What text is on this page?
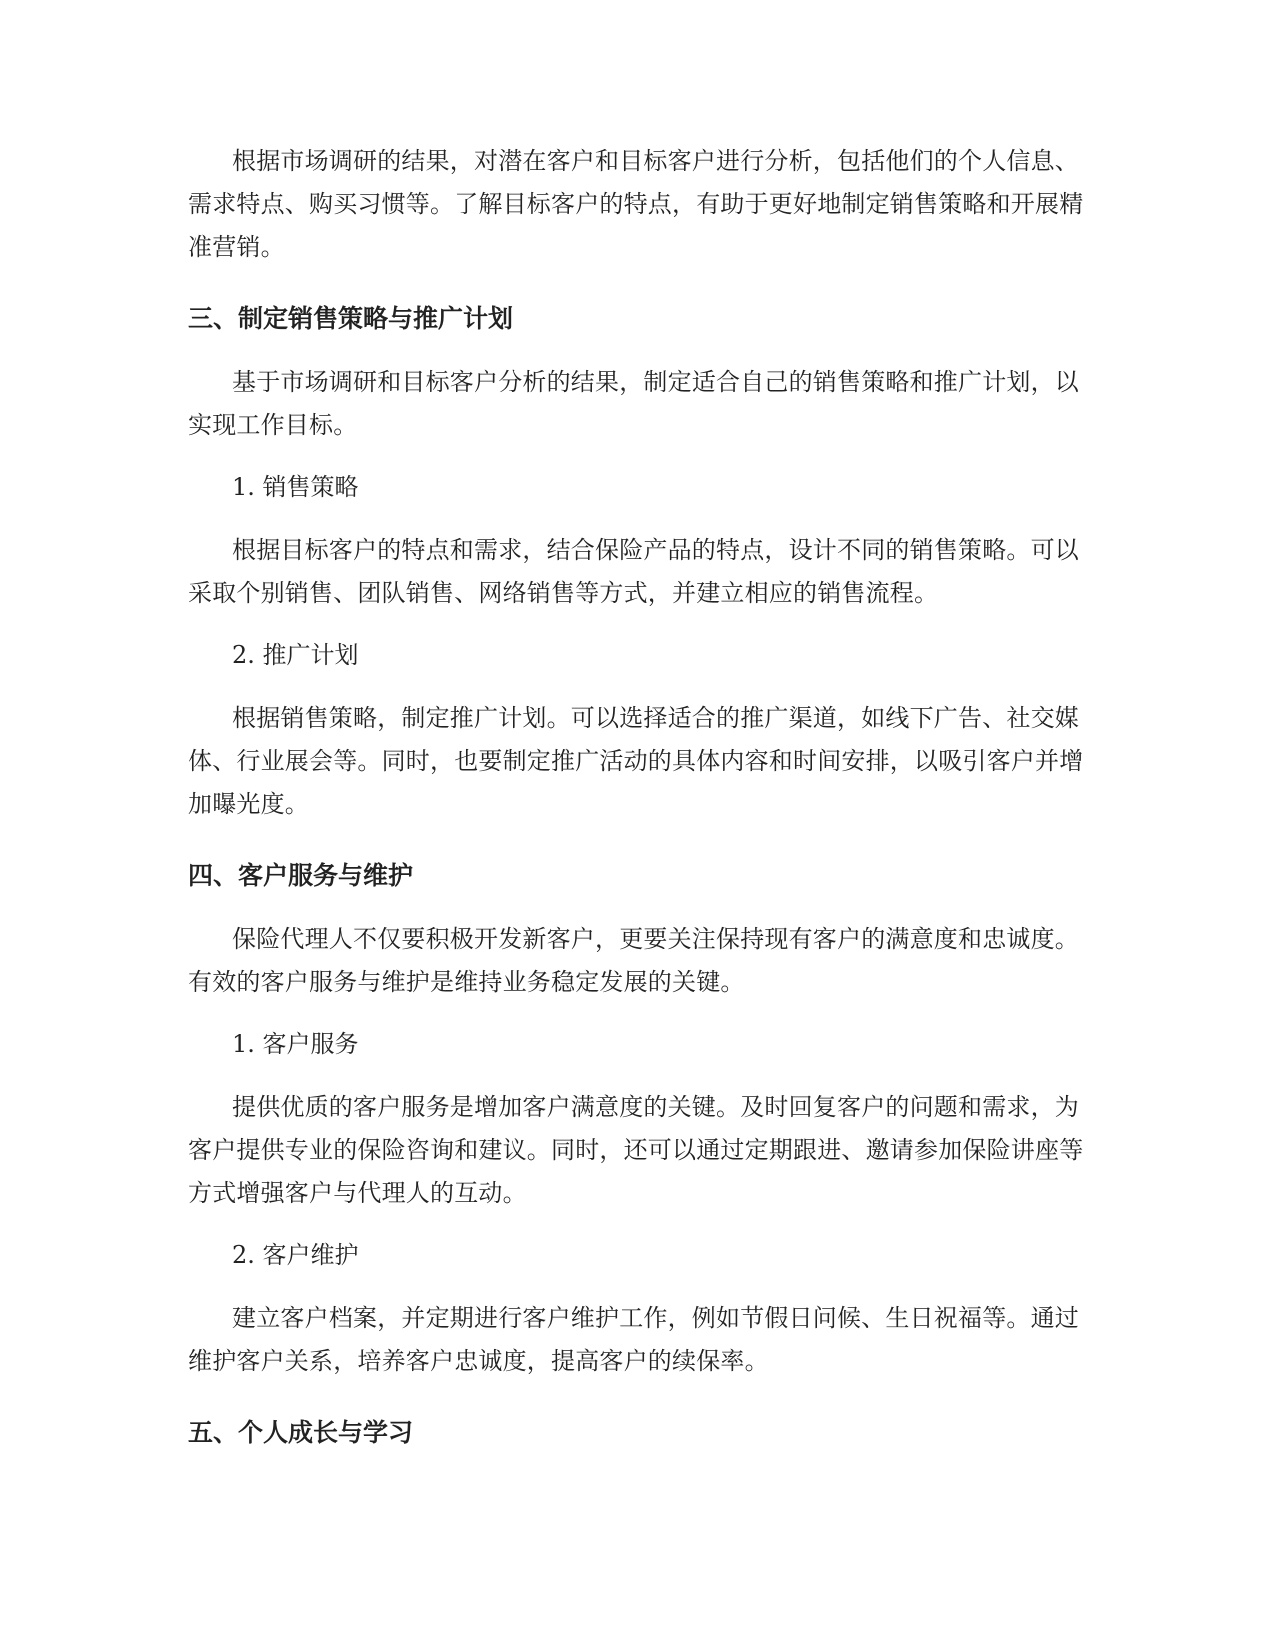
根据市场调研的结果，对潜在客户和目标客户进行分析，包括他们的个人信息、需求特点、购买习惯等。了解目标客户的特点，有助于更好地制定销售策略和开展精准营销。

三、制定销售策略与推广计划

基于市场调研和目标客户分析的结果，制定适合自己的销售策略和推广计划，以实现工作目标。

1. 销售策略

根据目标客户的特点和需求，结合保险产品的特点，设计不同的销售策略。可以采取个别销售、团队销售、网络销售等方式，并建立相应的销售流程。

2. 推广计划

根据销售策略，制定推广计划。可以选择适合的推广渠道，如线下广告、社交媒体、行业展会等。同时，也要制定推广活动的具体内容和时间安排，以吸引客户并增加曝光度。

四、客户服务与维护

保险代理人不仅要积极开发新客户，更要关注保持现有客户的满意度和忠诚度。有效的客户服务与维护是维持业务稳定发展的关键。

1. 客户服务

提供优质的客户服务是增加客户满意度的关键。及时回复客户的问题和需求，为客户提供专业的保险咨询和建议。同时，还可以通过定期跟进、邀请参加保险讲座等方式增强客户与代理人的互动。

2. 客户维护

建立客户档案，并定期进行客户维护工作，例如节假日问候、生日祝福等。通过维护客户关系，培养客户忠诚度，提高客户的续保率。

五、个人成长与学习
